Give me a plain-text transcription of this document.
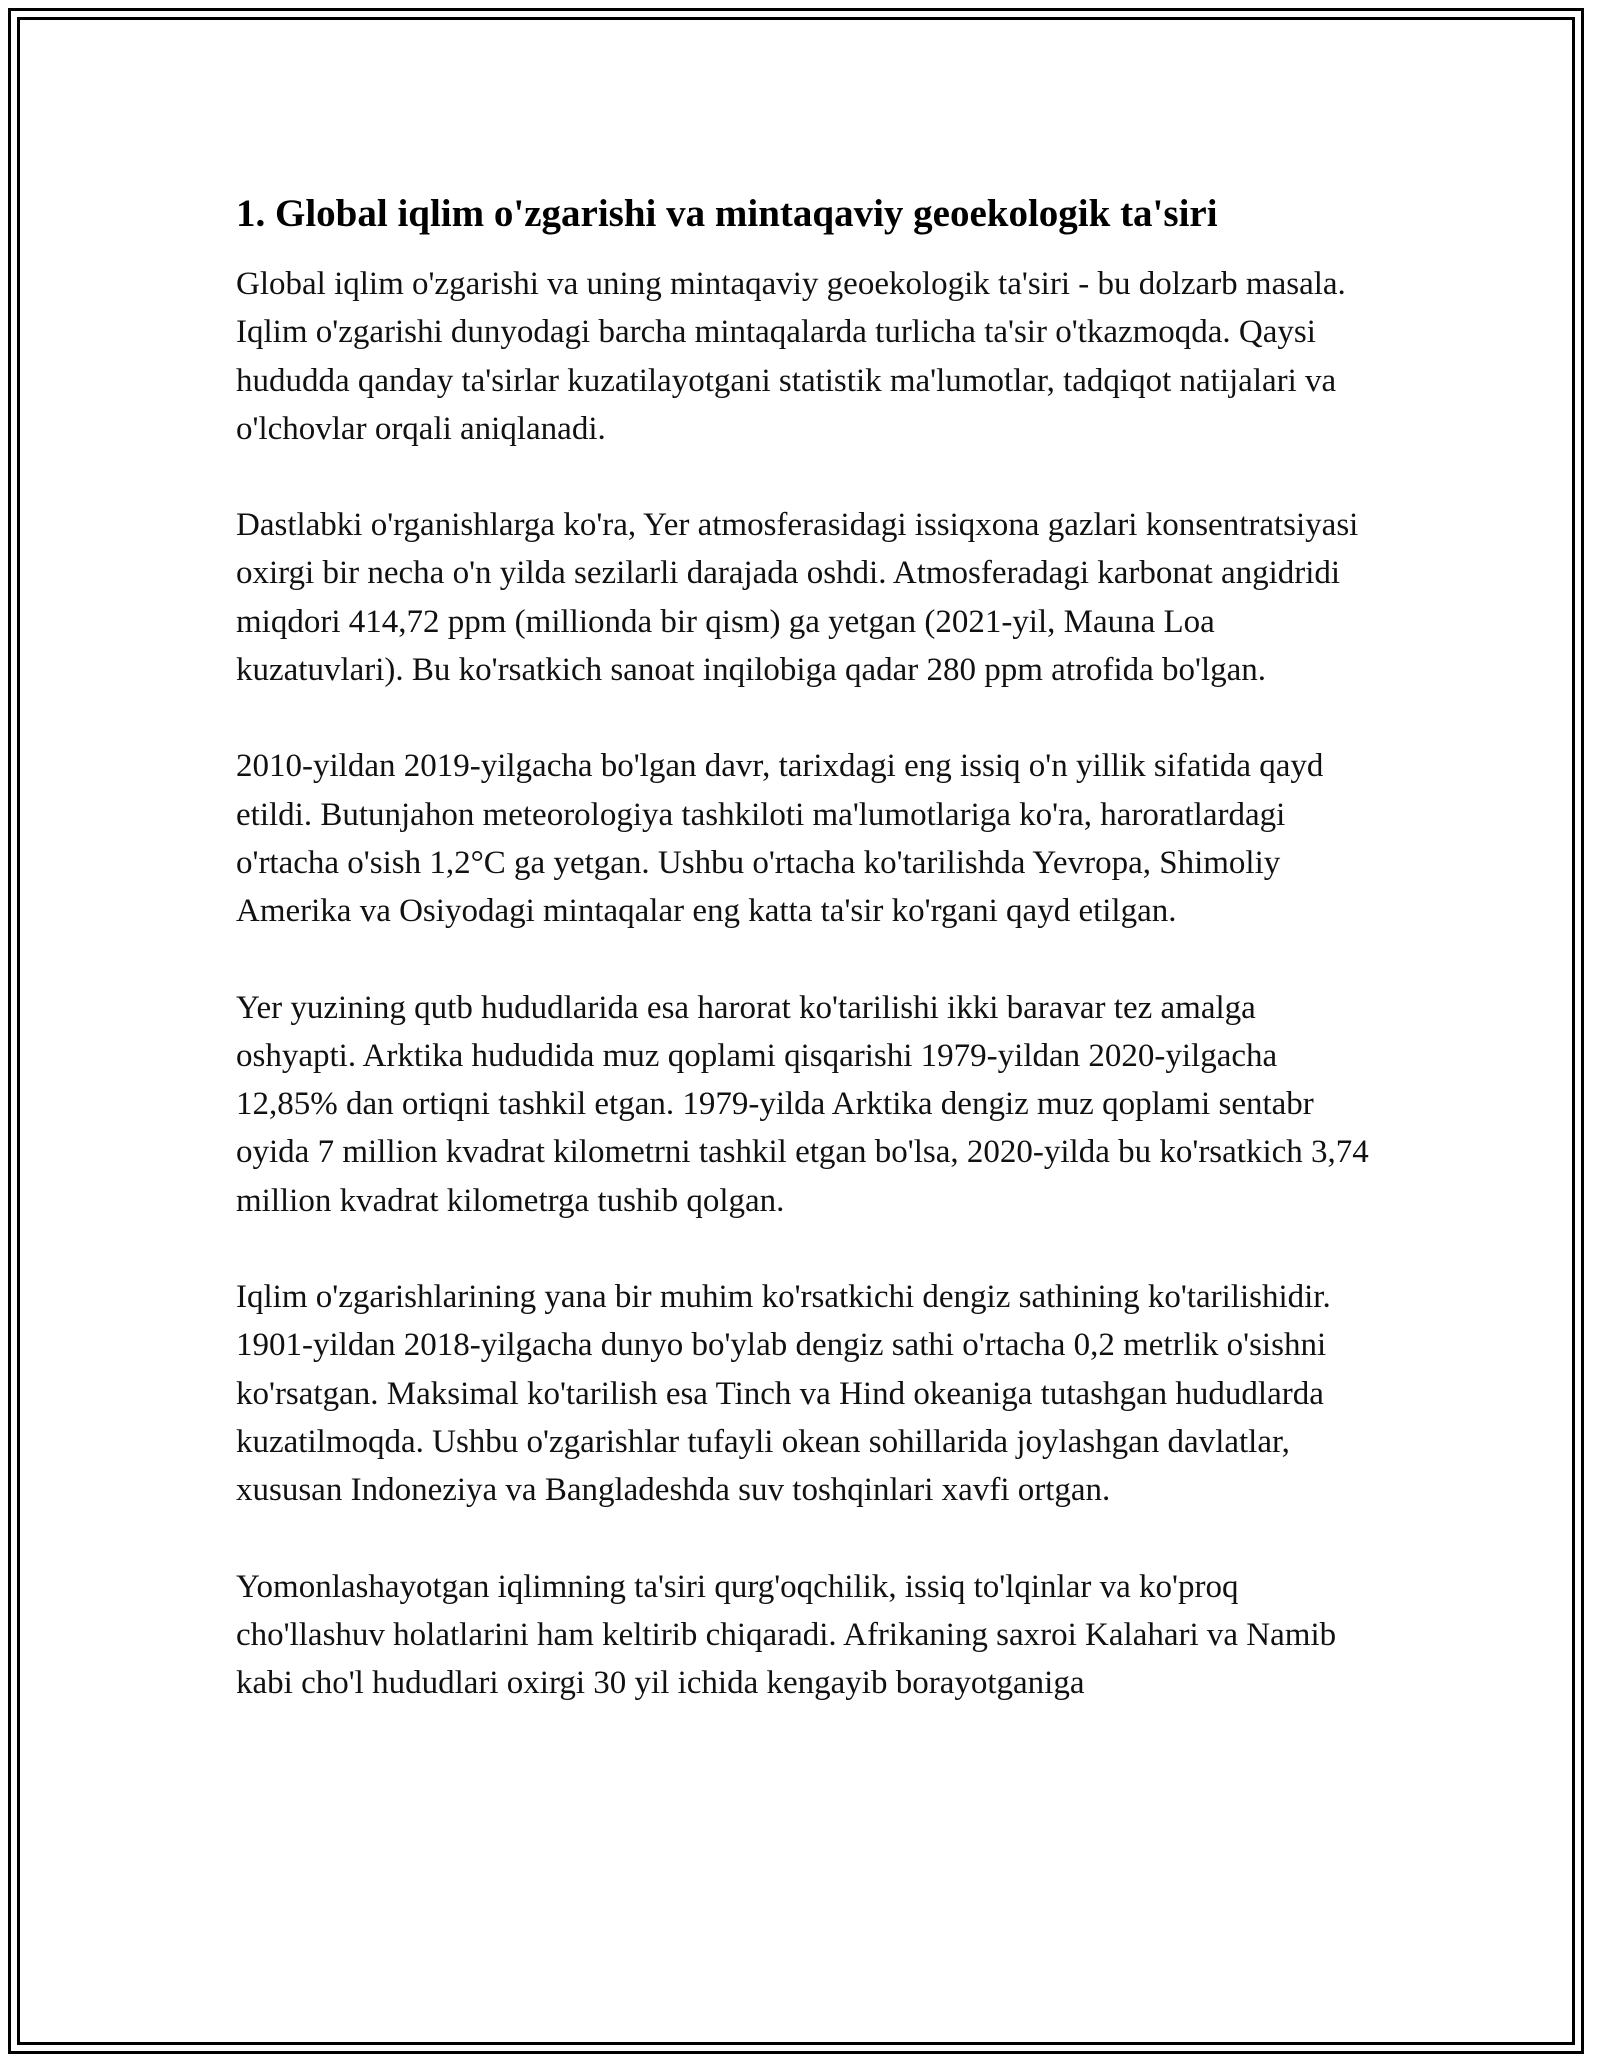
1. Global iqlim o'zgarishi va mintaqaviy geoekologik ta'siri

Global iqlim o'zgarishi va uning mintaqaviy geoekologik ta'siri - bu dolzarb masala. Iqlim o'zgarishi dunyodagi barcha mintaqalarda turlicha ta'sir o'tkazmoqda. Qaysi hududda qanday ta'sirlar kuzatilayotgani statistik ma'lumotlar, tadqiqot natijalari va o'lchovlar orqali aniqlanadi.

Dastlabki o'rganishlarga ko'ra, Yer atmosferasidagi issiqxona gazlari konsentratsiyasi oxirgi bir necha o'n yilda sezilarli darajada oshdi. Atmosferadagi karbonat angidridi miqdori 414,72 ppm (millionda bir qism) ga yetgan (2021-yil, Mauna Loa kuzatuvlari). Bu ko'rsatkich sanoat inqilobiga qadar 280 ppm atrofida bo'lgan.

2010-yildan 2019-yilgacha bo'lgan davr, tarixdagi eng issiq o'n yillik sifatida qayd etildi. Butunjahon meteorologiya tashkiloti ma'lumotlariga ko'ra, haroratlardagi o'rtacha o'sish 1,2°C ga yetgan. Ushbu o'rtacha ko'tarilishda Yevropa, Shimoliy Amerika va Osiyodagi mintaqalar eng katta ta'sir ko'rgani qayd etilgan.

Yer yuzining qutb hududlarida esa harorat ko'tarilishi ikki baravar tez amalga oshyapti. Arktika hududida muz qoplami qisqarishi 1979-yildan 2020-yilgacha 12,85% dan ortiqni tashkil etgan. 1979-yilda Arktika dengiz muz qoplami sentabr oyida 7 million kvadrat kilometrni tashkil etgan bo'lsa, 2020-yilda bu ko'rsatkich 3,74 million kvadrat kilometrga tushib qolgan.

Iqlim o'zgarishlarining yana bir muhim ko'rsatkichi dengiz sathining ko'tarilishidir. 1901-yildan 2018-yilgacha dunyo bo'ylab dengiz sathi o'rtacha 0,2 metrlik o'sishni ko'rsatgan. Maksimal ko'tarilish esa Tinch va Hind okeaniga tutashgan hududlarda kuzatilmoqda. Ushbu o'zgarishlar tufayli okean sohillarida joylashgan davlatlar, xususan Indoneziya va Bangladeshda suv toshqinlari xavfi ortgan.

Yomonlashayotgan iqlimning ta'siri qurg'oqchilik, issiq to'lqinlar va ko'proq cho'llashuv holatlarini ham keltirib chiqaradi. Afrikaning saxroi Kalahari va Namib kabi cho'l hududlari oxirgi 30 yil ichida kengayib borayotganiga
